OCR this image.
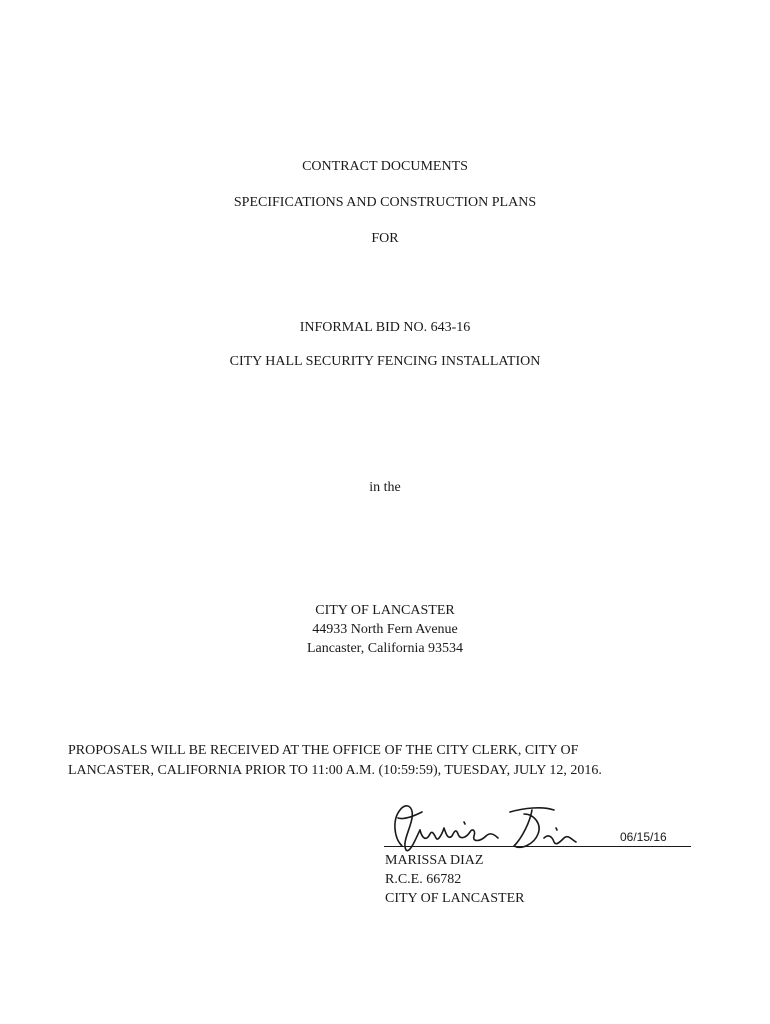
CONTRACT DOCUMENTS
SPECIFICATIONS AND CONSTRUCTION PLANS
FOR
INFORMAL BID NO. 643-16
CITY HALL SECURITY FENCING INSTALLATION
in the
CITY OF LANCASTER
44933 North Fern Avenue
Lancaster, California 93534
PROPOSALS WILL BE RECEIVED AT THE OFFICE OF THE CITY CLERK, CITY OF
LANCASTER, CALIFORNIA PRIOR TO 11:00 A.M. (10:59:59), TUESDAY, JULY 12, 2016.
06/15/16
MARISSA DIAZ
R.C.E. 66782
CITY OF LANCASTER
